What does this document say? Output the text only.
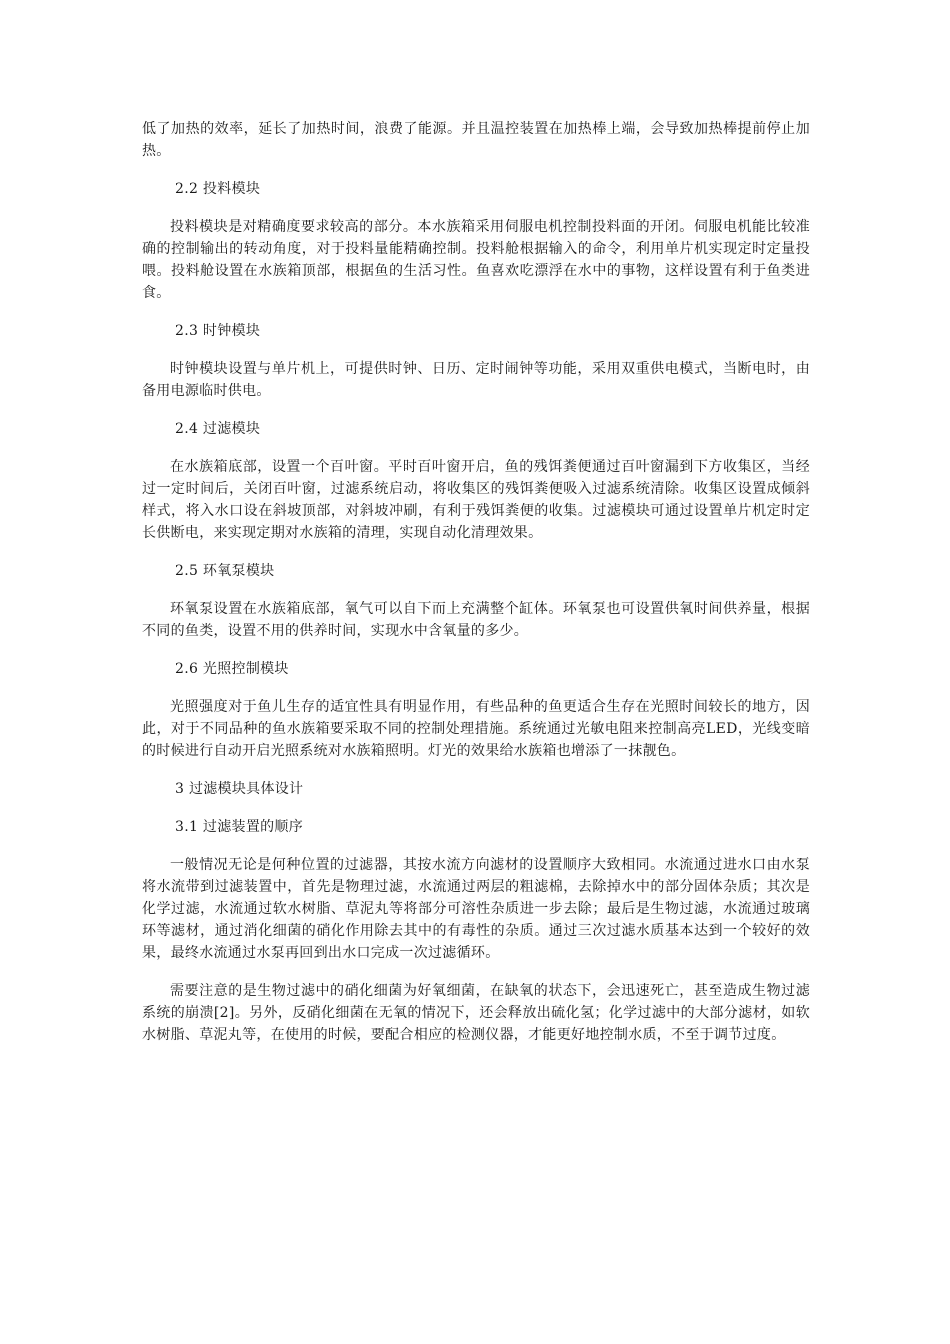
低了加热的效率，延长了加热时间，浪费了能源。并且温控装置在加热棒上端，会导致加热棒提前停止加热。

2.2 投料模块

投料模块是对精确度要求较高的部分。本水族箱采用伺服电机控制投料面的开闭。伺服电机能比较准确的控制输出的转动角度，对于投料量能精确控制。投料舱根据输入的命令，利用单片机实现定时定量投喂。投料舱设置在水族箱顶部，根据鱼的生活习性。鱼喜欢吃漂浮在水中的事物，这样设置有利于鱼类进食。

2.3 时钟模块

时钟模块设置与单片机上，可提供时钟、日历、定时闹钟等功能，采用双重供电模式，当断电时，由备用电源临时供电。

2.4 过滤模块

在水族箱底部，设置一个百叶窗。平时百叶窗开启，鱼的残饵粪便通过百叶窗漏到下方收集区，当经过一定时间后，关闭百叶窗，过滤系统启动，将收集区的残饵粪便吸入过滤系统清除。收集区设置成倾斜样式，将入水口设在斜坡顶部，对斜坡冲刷，有利于残饵粪便的收集。过滤模块可通过设置单片机定时定长供断电，来实现定期对水族箱的清理，实现自动化清理效果。

2.5 环氧泵模块

环氧泵设置在水族箱底部，氧气可以自下而上充满整个缸体。环氧泵也可设置供氧时间供养量，根据不同的鱼类，设置不用的供养时间，实现水中含氧量的多少。

2.6 光照控制模块

光照强度对于鱼儿生存的适宜性具有明显作用，有些品种的鱼更适合生存在光照时间较长的地方，因此，对于不同品种的鱼水族箱要采取不同的控制处理措施。系统通过光敏电阻来控制高亮LED，光线变暗的时候进行自动开启光照系统对水族箱照明。灯光的效果给水族箱也增添了一抹靓色。

3 过滤模块具体设计

3.1 过滤装置的顺序

一般情况无论是何种位置的过滤器，其按水流方向滤材的设置顺序大致相同。水流通过进水口由水泵将水流带到过滤装置中，首先是物理过滤，水流通过两层的粗滤棉，去除掉水中的部分固体杂质；其次是化学过滤，水流通过软水树脂、草泥丸等将部分可溶性杂质进一步去除；最后是生物过滤，水流通过玻璃环等滤材，通过消化细菌的硝化作用除去其中的有毒性的杂质。通过三次过滤水质基本达到一个较好的效果，最终水流通过水泵再回到出水口完成一次过滤循环。

需要注意的是生物过滤中的硝化细菌为好氧细菌，在缺氧的状态下，会迅速死亡，甚至造成生物过滤系统的崩溃[2]。另外，反硝化细菌在无氧的情况下，还会释放出硫化氢；化学过滤中的大部分滤材，如软水树脂、草泥丸等，在使用的时候，要配合相应的检测仪器，才能更好地控制水质，不至于调节过度。
